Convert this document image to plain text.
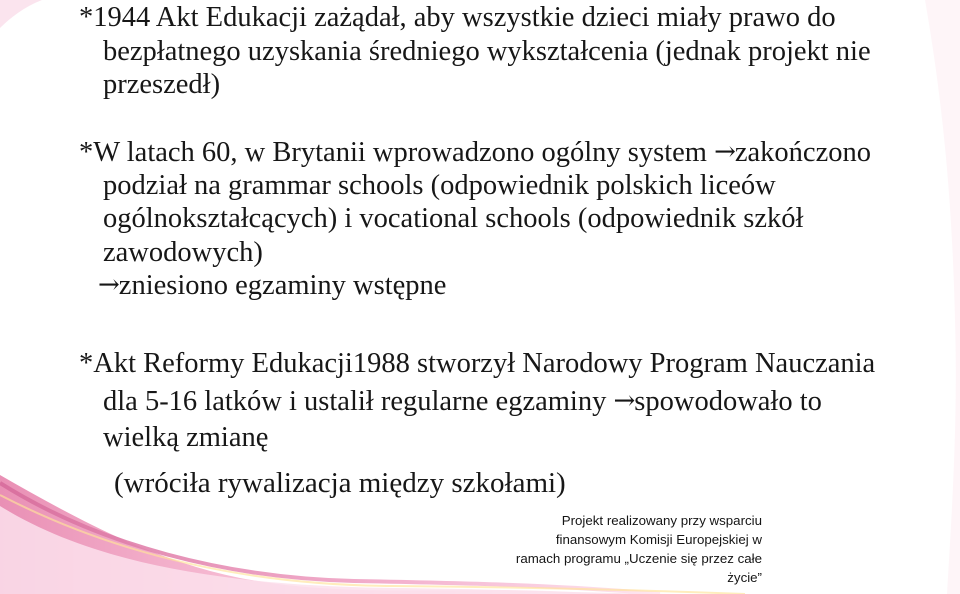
*1944 Akt Edukacji zażądał, aby wszystkie dzieci miały prawo do
bezpłatnego uzyskania średniego wykształcenia (jednak projekt nie
przeszedł)
*W latach 60, w Brytanii wprowadzono ogólny system →zakończono
podział na grammar schools (odpowiednik polskich liceów
ogólnokształcących) i vocational schools (odpowiednik szkół
zawodowych)
→zniesiono egzaminy wstępne
*Akt Reformy Edukacji1988 stworzył Narodowy Program Nauczania
dla 5-16 latków i ustalił regularne egzaminy →spowodowało to
wielką zmianę
(wróciła rywalizacja między szkołami)
Projekt realizowany przy wsparciu
finansowym Komisji Europejskiej w
ramach programu „Uczenie się przez całe
życie”
